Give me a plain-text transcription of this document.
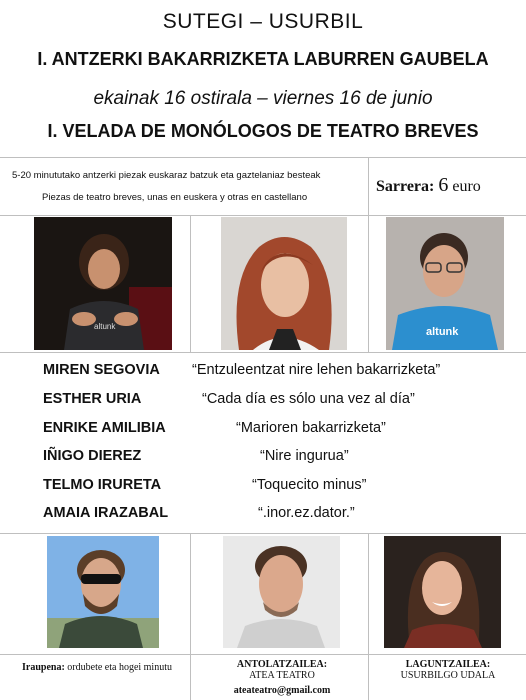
SUTEGI – USURBIL
I. ANTZERKI BAKARRIZKETA LABURREN GAUBELA
ekainak 16 ostirala – viernes 16 de junio
I. VELADA DE MONÓLOGOS DE TEATRO BREVES
5-20 minututako antzerki piezak euskaraz batzuk eta gaztelaniaz besteak
Piezas de teatro breves, unas en euskera y otras en castellano
Sarrera: 6 euro
altunk	altunk
MIREN SEGOVIA “Entzuleentzat nire lehen bakarrizketa”
ESTHER URIA	“Cada día es sólo una vez al día”
ENRIKE AMILIBIA	“Marioren bakarrizketa”
IÑIGO DIEREZ	“Nire ingurua”
TELMO IRURETA	“Toquecito minus”
AMAIA IRAZABAL	“.inor.ez.dator.”
Iraupena: ordubete eta hogei minutu	ANTOLATZAILEA:
ATEA TEATRO
LAGUNTZAILEA:
USURBILGO UDALA
ateateatro@gmail.com
